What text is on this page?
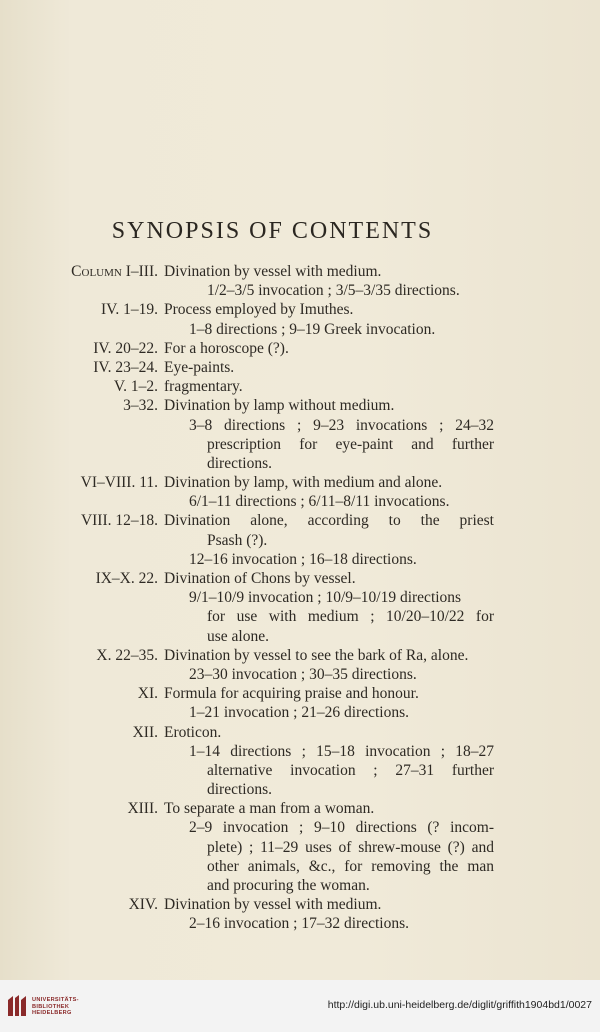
SYNOPSIS OF CONTENTS
Column I–III. Divination by vessel with medium.
1/2–3/5 invocation ; 3/5–3/35 directions.
IV. 1–19. Process employed by Imuthes.
1–8 directions ; 9–19 Greek invocation.
IV. 20–22. For a horoscope (?).
IV. 23–24. Eye-paints.
V. 1–2. fragmentary.
3–32. Divination by lamp without medium.
3–8 directions ; 9–23 invocations ; 24–32
prescription for eye-paint and further
directions.
VI–VIII. 11. Divination by lamp, with medium and alone.
6/1–11 directions ; 6/11–8/11 invocations.
VIII. 12–18. Divination alone, according to the priest
Psash (?).
12–16 invocation ; 16–18 directions.
IX–X. 22. Divination of Chons by vessel.
9/1–10/9 invocation ; 10/9–10/19 directions
for use with medium ; 10/20–10/22 for
use alone.
X. 22–35. Divination by vessel to see the bark of Ra, alone.
23–30 invocation ; 30–35 directions.
XI. Formula for acquiring praise and honour.
1–21 invocation ; 21–26 directions.
XII. Eroticon.
1–14 directions ; 15–18 invocation ; 18–27
alternative invocation ; 27–31 further
directions.
XIII. To separate a man from a woman.
2–9 invocation ; 9–10 directions (? incom-
plete) ; 11–29 uses of shrew-mouse (?) and
other animals, &c., for removing the man
and procuring the woman.
XIV. Divination by vessel with medium.
2–16 invocation ; 17–32 directions.
UNIVERSITÄTS-
BIBLIOTHEK
HEIDELBERG
http://digi.ub.uni-heidelberg.de/diglit/griffith1904bd1/0027
